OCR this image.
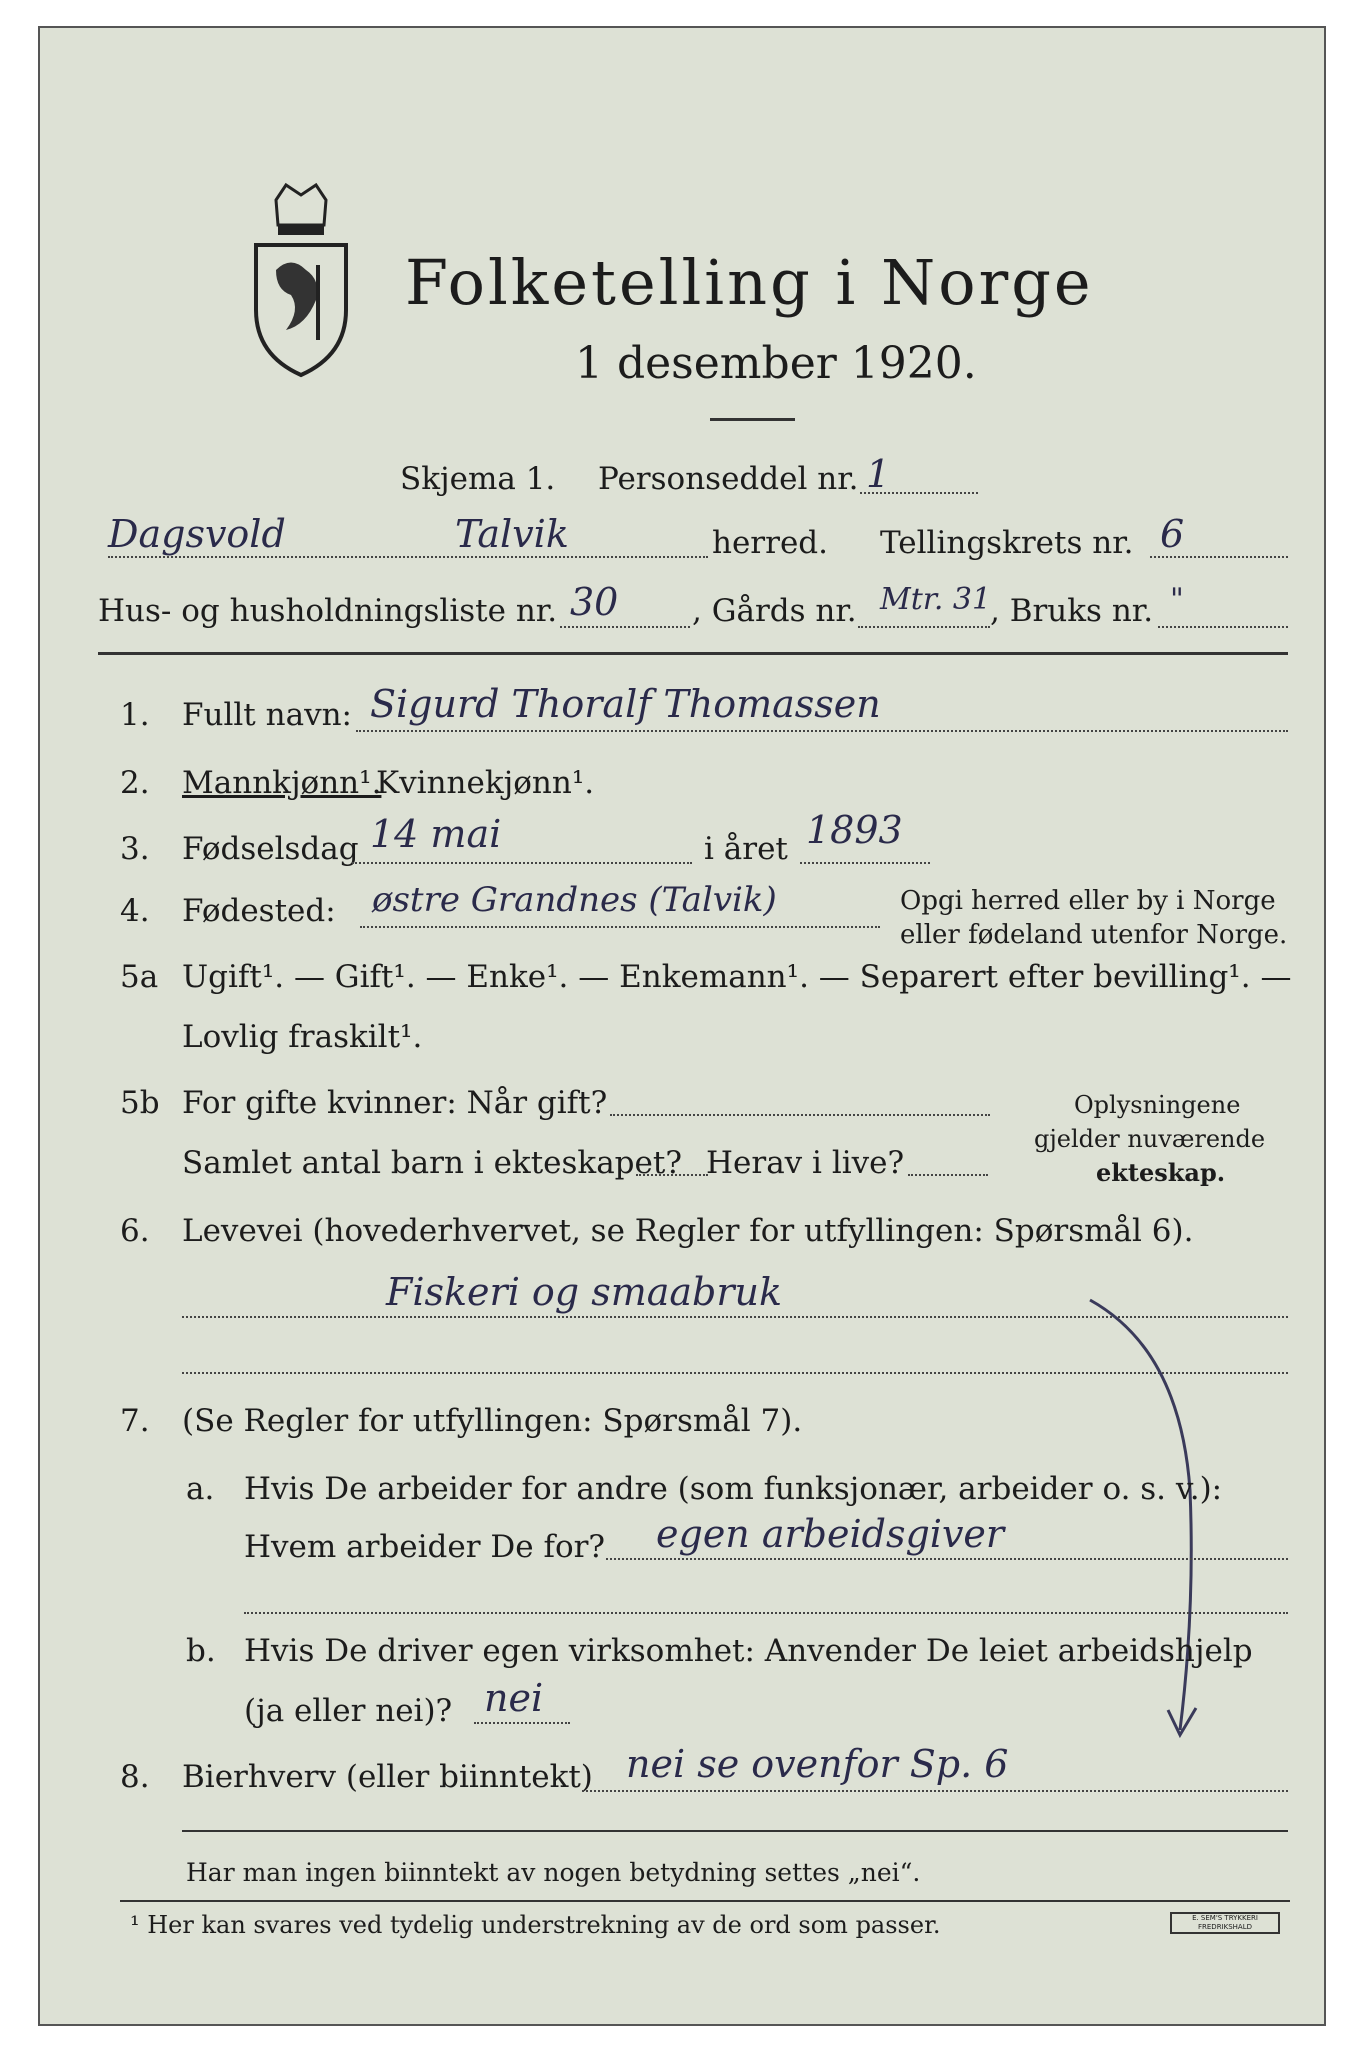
Folketelling i Norge
1 desember 1920.
Skjema 1. Personseddel nr. 1
Dagsvold	Talvik	herred. Tellingskrets nr. 6
Hus- og husholdningsliste nr. 30 , Gårds nr. Mtr. 31
, Bruks nr. "
1. Fullt navn: Sigurd Thoralf Thomassen
2. Mannkjønn¹.
Kvinnekjønn¹.
3. Fødselsdag 14 mai	i året 1893
4. Fødested: østre Grandnes (Talvik)	Opgi herred eller by i Norge
eller fødeland utenfor Norge.
5a Ugift¹. — Gift¹. — Enke¹. — Enkemann¹. — Separert efter bevilling¹. —
Lovlig fraskilt¹.
5b For gifte kvinner: Når gift?
Samlet antal barn i ekteskapet? Herav i live?
Oplysningene
gjelder nuværende
ekteskap.
6. Levevei (hovederhvervet, se Regler for utfyllingen: Spørsmål 6).
Fiskeri og smaabruk
7. (Se Regler for utfyllingen: Spørsmål 7).
a. Hvis De arbeider for andre (som funksjonær, arbeider o. s. v.):
Hvem arbeider De for? egen arbeidsgiver
b. Hvis De driver egen virksomhet: Anvender De leiet arbeidshjelp
(ja eller nei)? nei
8. Bierhverv (eller biinntekt) nei se ovenfor Sp. 6
Har man ingen biinntekt av nogen betydning settes „nei“.
¹ Her kan svares ved tydelig understrekning av de ord som passer.	E. SEM'S TRYKKERI FREDRIKSHALD
